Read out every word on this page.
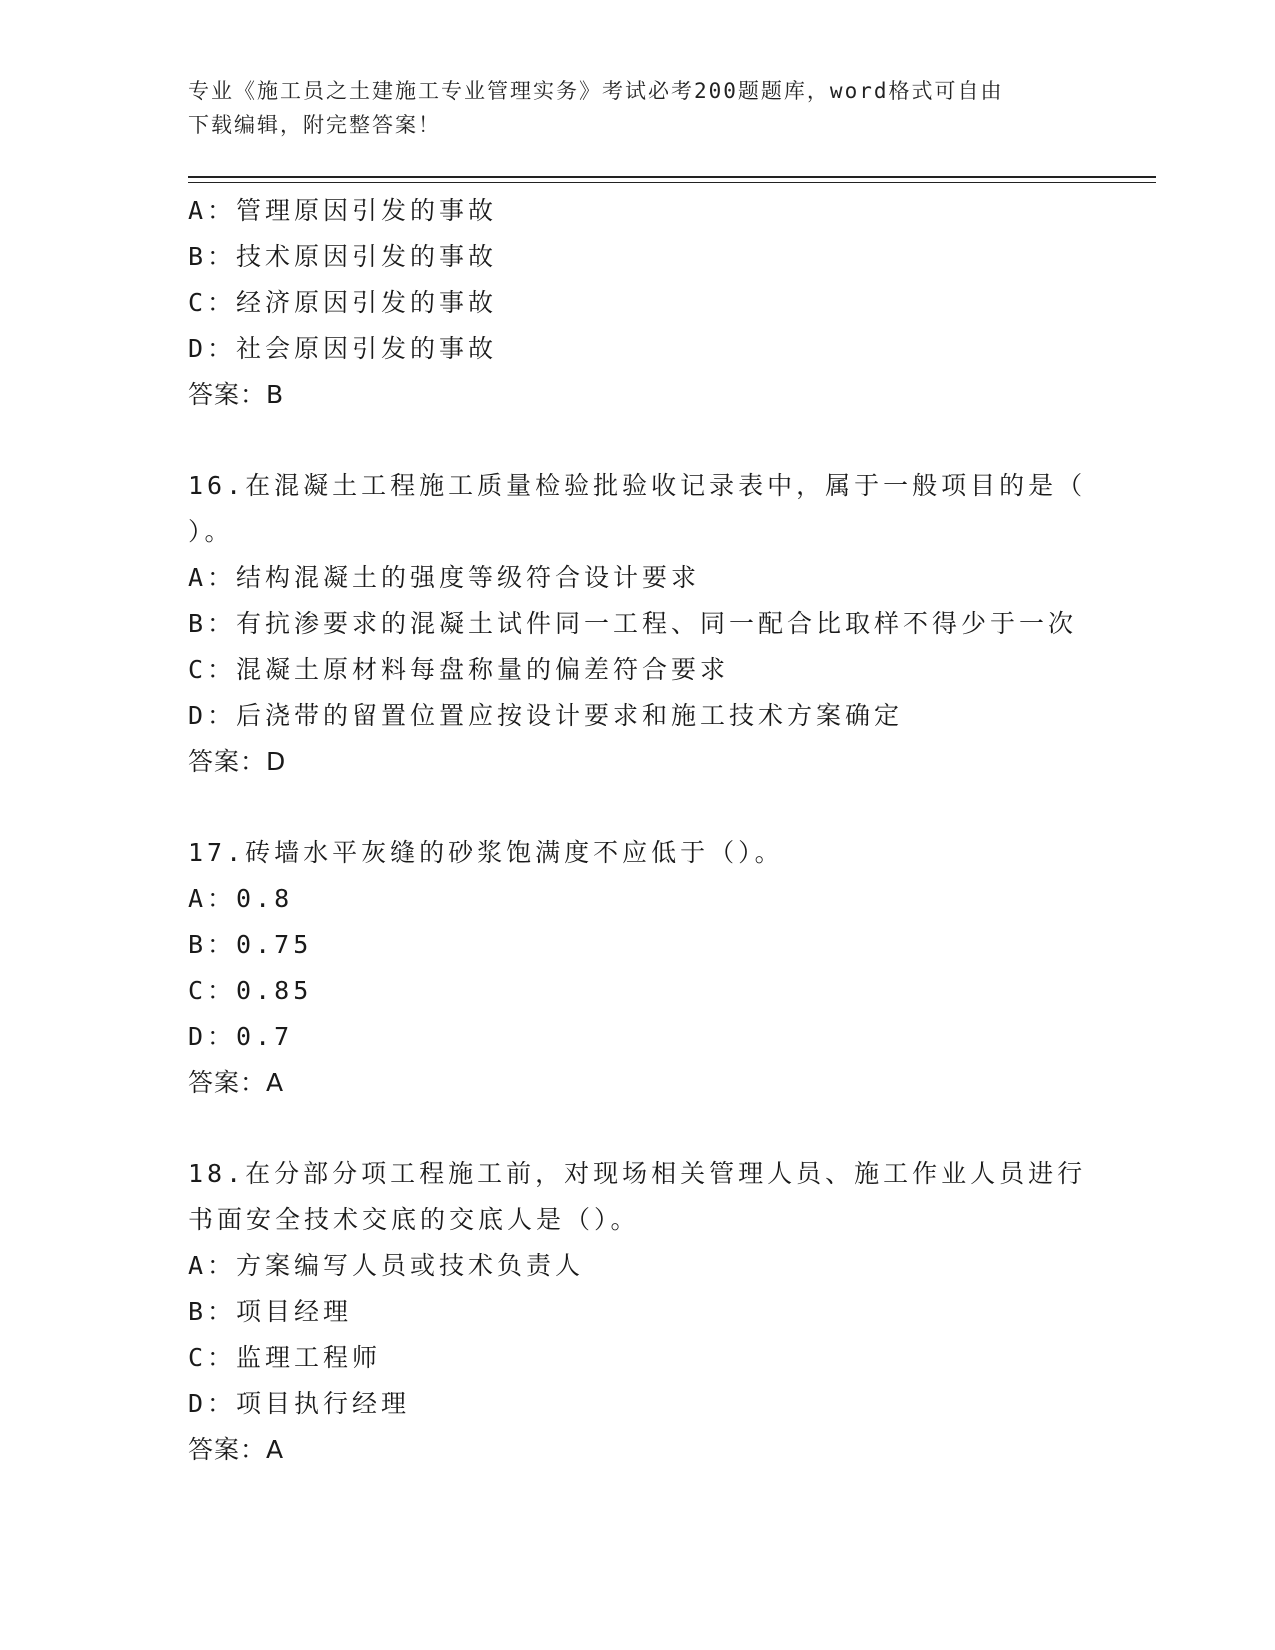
专业《施工员之土建施工专业管理实务》考试必考200题题库，word格式可自由
下载编辑，附完整答案！
A：管理原因引发的事故
B：技术原因引发的事故
C：经济原因引发的事故
D：社会原因引发的事故
答案：B
16.在混凝土工程施工质量检验批验收记录表中，属于一般项目的是（
）。
A：结构混凝土的强度等级符合设计要求
B：有抗渗要求的混凝土试件同一工程、同一配合比取样不得少于一次
C：混凝土原材料每盘称量的偏差符合要求
D：后浇带的留置位置应按设计要求和施工技术方案确定
答案：D
17.砖墙水平灰缝的砂浆饱满度不应低于（）。
A：0.8
B：0.75
C：0.85
D：0.7
答案：A
18.在分部分项工程施工前，对现场相关管理人员、施工作业人员进行
书面安全技术交底的交底人是（）。
A：方案编写人员或技术负责人
B：项目经理
C：监理工程师
D：项目执行经理
答案：A
